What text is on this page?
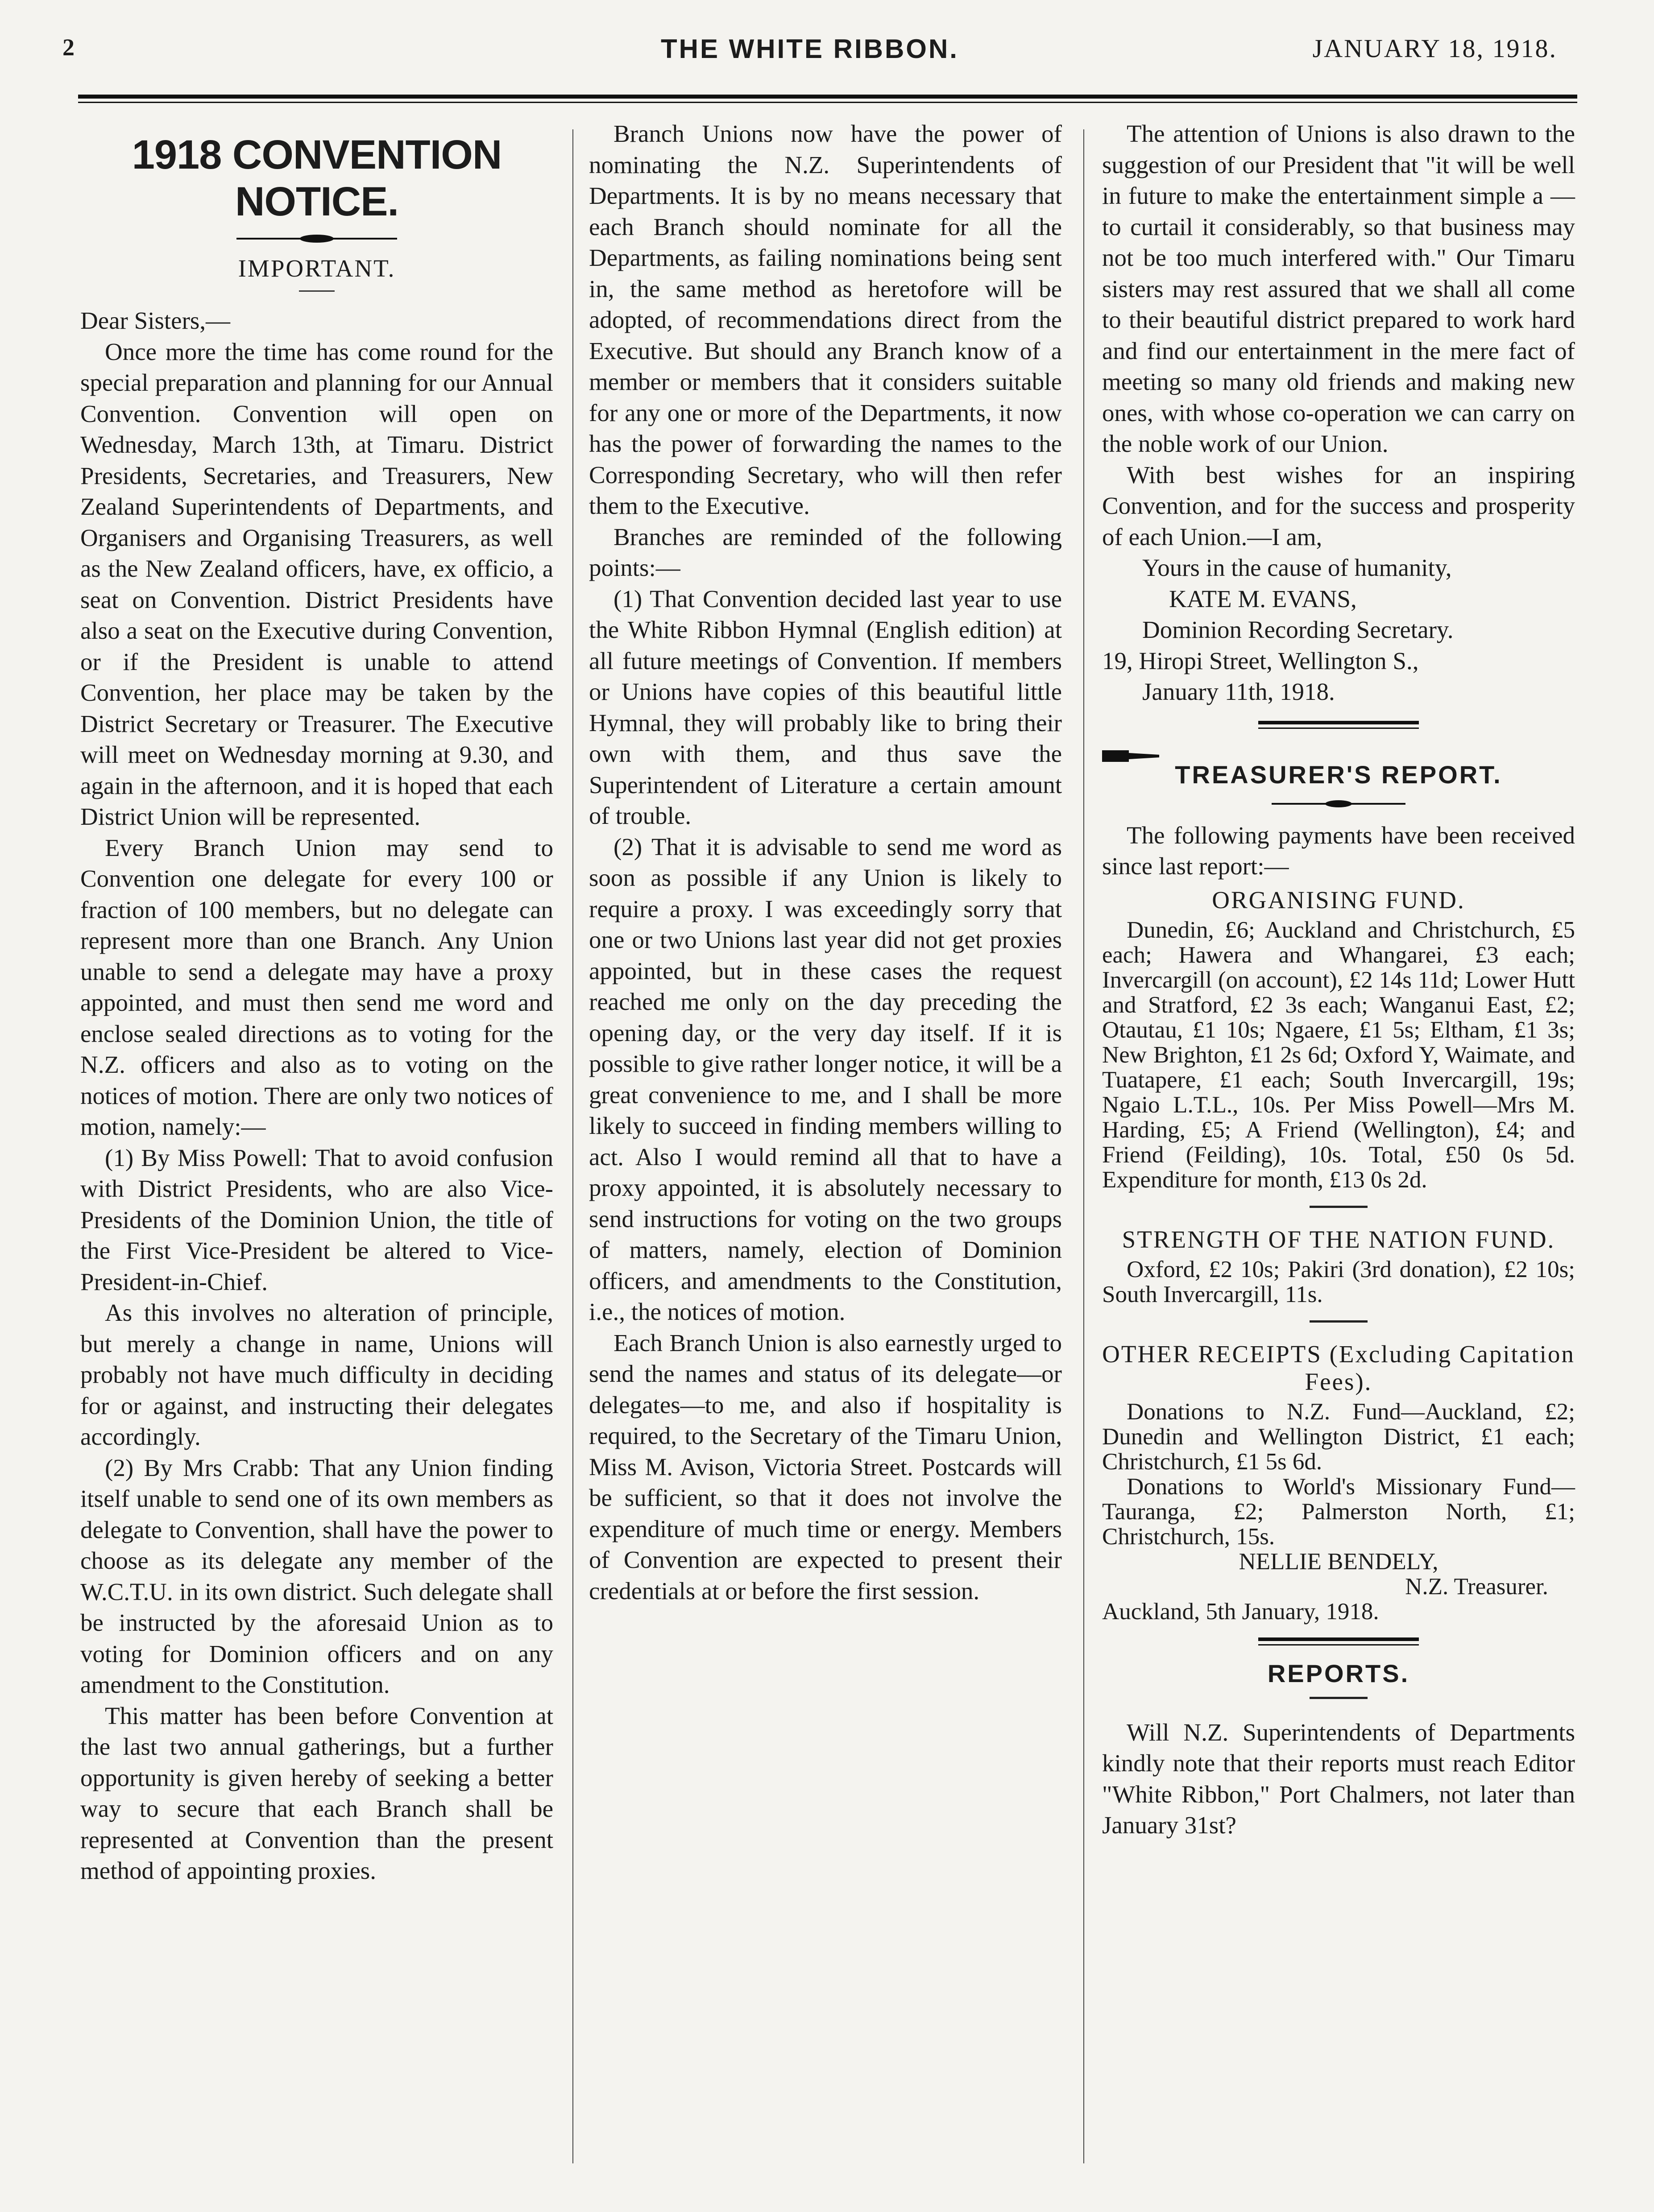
2	THE WHITE RIBBON.	JANUARY 18, 1918.
1918 CONVENTION NOTICE.
IMPORTANT.

Dear Sisters,—

Once more the time has come round for the special preparation and planning for our Annual Convention. Convention will open on Wednesday, March 13th, at Timaru. District Presidents, Secretaries, and Treasurers, New Zealand Superintendents of Departments, and Organisers and Organising Treasurers, as well as the New Zealand officers, have, ex officio, a seat on Convention. District Presidents have also a seat on the Executive during Convention, or if the President is unable to attend Convention, her place may be taken by the District Secretary or Treasurer. The Executive will meet on Wednesday morning at 9.30, and again in the afternoon, and it is hoped that each District Union will be represented.

Every Branch Union may send to Convention one delegate for every 100 or fraction of 100 members, but no delegate can represent more than one Branch. Any Union unable to send a delegate may have a proxy appointed, and must then send me word and enclose sealed directions as to voting for the N.Z. officers and also as to voting on the notices of motion. There are only two notices of motion, namely:—

(1) By Miss Powell: That to avoid confusion with District Presidents, who are also Vice-Presidents of the Dominion Union, the title of the First Vice-President be altered to Vice-President-in-Chief.

As this involves no alteration of principle, but merely a change in name, Unions will probably not have much difficulty in deciding for or against, and instructing their delegates accordingly.

(2) By Mrs Crabb: That any Union finding itself unable to send one of its own members as delegate to Convention, shall have the power to choose as its delegate any member of the W.C.T.U. in its own district. Such delegate shall be instructed by the aforesaid Union as to voting for Dominion officers and on any amendment to the Constitution.

This matter has been before Convention at the last two annual gatherings, but a further opportunity is given hereby of seeking a better way to secure that each Branch shall be represented at Convention than the present method of appointing proxies.

Branch Unions now have the power of nominating the N.Z. Superintendents of Departments. It is by no means necessary that each Branch should nominate for all the Departments, as failing nominations being sent in, the same method as heretofore will be adopted, of recommendations direct from the Executive. But should any Branch know of a member or members that it considers suitable for any one or more of the Departments, it now has the power of forwarding the names to the Corresponding Secretary, who will then refer them to the Executive.

Branches are reminded of the following points:—

(1) That Convention decided last year to use the White Ribbon Hymnal (English edition) at all future meetings of Convention. If members or Unions have copies of this beautiful little Hymnal, they will probably like to bring their own with them, and thus save the Superintendent of Literature a certain amount of trouble.

(2) That it is advisable to send me word as soon as possible if any Union is likely to require a proxy. I was exceedingly sorry that one or two Unions last year did not get proxies appointed, but in these cases the request reached me only on the day preceding the opening day, or the very day itself. If it is possible to give rather longer notice, it will be a great convenience to me, and I shall be more likely to succeed in finding members willing to act. Also I would remind all that to have a proxy appointed, it is absolutely necessary to send instructions for voting on the two groups of matters, namely, election of Dominion officers, and amendments to the Constitution, i.e., the notices of motion.

Each Branch Union is also earnestly urged to send the names and status of its delegate—or delegates—to me, and also if hospitality is required, to the Secretary of the Timaru Union, Miss M. Avison, Victoria Street. Postcards will be sufficient, so that it does not involve the expenditure of much time or energy. Members of Convention are expected to present their credentials at or before the first session.

The attention of Unions is also drawn to the suggestion of our President that "it will be well in future to make the entertainment simple a — to curtail it considerably, so that business may not be too much interfered with." Our Timaru sisters may rest assured that we shall all come to their beautiful district prepared to work hard and find our entertainment in the mere fact of meeting so many old friends and making new ones, with whose co-operation we can carry on the noble work of our Union.

With best wishes for an inspiring Convention, and for the success and prosperity of each Union.—I am,

Yours in the cause of humanity,

KATE M. EVANS,

Dominion Recording Secretary.

19, Hiropi Street, Wellington S.,

January 11th, 1918.

TREASURER'S REPORT.

The following payments have been received since last report:—

ORGANISING FUND.

Dunedin, £6; Auckland and Christchurch, £5 each; Hawera and Whangarei, £3 each; Invercargill (on account), £2 14s 11d; Lower Hutt and Stratford, £2 3s each; Wanganui East, £2; Otautau, £1 10s; Ngaere, £1 5s; Eltham, £1 3s; New Brighton, £1 2s 6d; Oxford Y, Waimate, and Tuatapere, £1 each; South Invercargill, 19s; Ngaio L.T.L., 10s. Per Miss Powell—Mrs M. Harding, £5; A Friend (Wellington), £4; and Friend (Feilding), 10s. Total, £50 0s 5d. Expenditure for month, £13 0s 2d.

STRENGTH OF THE NATION FUND.

Oxford, £2 10s; Pakiri (3rd donation), £2 10s; South Invercargill, 11s.

OTHER RECEIPTS (Excluding Capitation Fees).

Donations to N.Z. Fund—Auckland, £2; Dunedin and Wellington District, £1 each; Christchurch, £1 5s 6d.

Donations to World's Missionary Fund—Tauranga, £2; Palmerston North, £1; Christchurch, 15s.

NELLIE BENDELY,

N.Z. Treasurer.

Auckland, 5th January, 1918.

REPORTS.

Will N.Z. Superintendents of Departments kindly note that their reports must reach Editor "White Ribbon," Port Chalmers, not later than January 31st?
